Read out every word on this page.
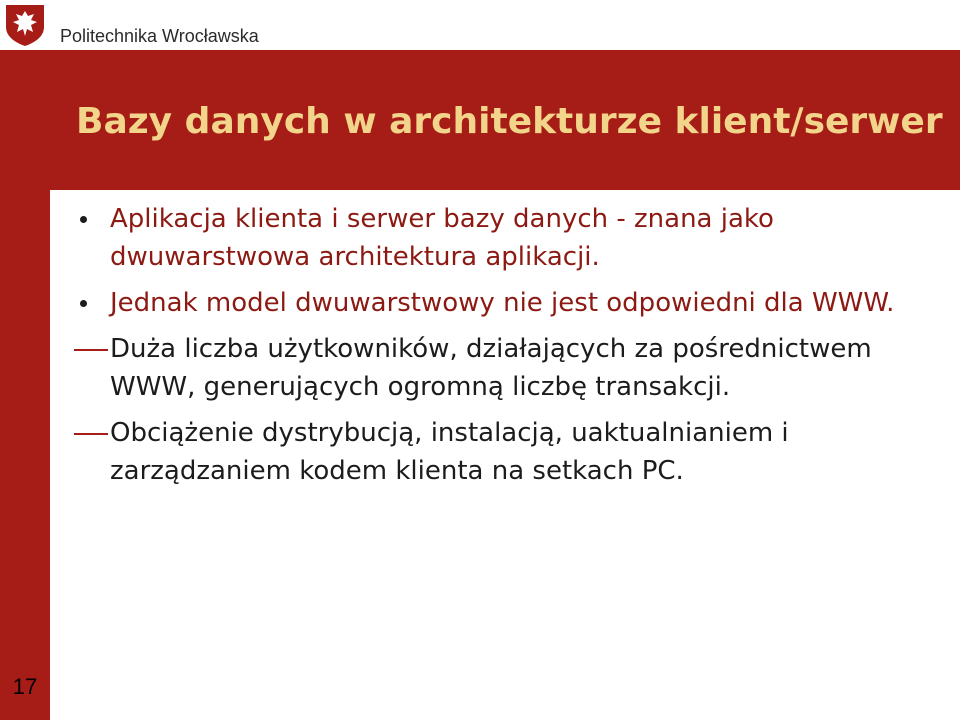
Politechnika Wrocławska
Bazy danych w architekturze klient/serwer
Aplikacja klienta i serwer bazy danych - znana jako dwuwarstwowa architektura aplikacji.
Jednak model dwuwarstwowy nie jest odpowiedni dla WWW.
Duża liczba użytkowników, działających za pośrednictwem WWW, generujących ogromną liczbę transakcji.
Obciążenie dystrybucją, instalacją, uaktualnianiem i zarządzaniem kodem klienta na setkach PC.
17
